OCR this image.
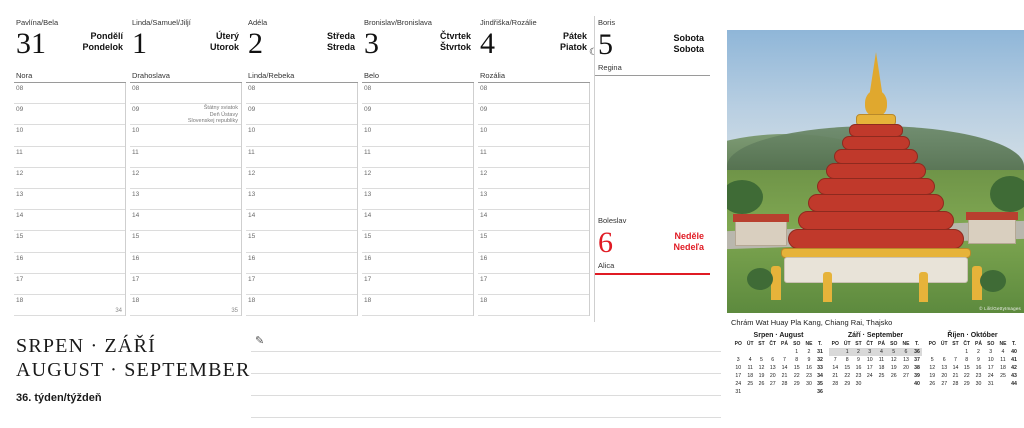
Pavlína/Bela
31	Pondělí
Pondelok
Nora
08
09
10
11
12
13
14
15
16
17
18
34
Linda/Samuel/Jiljí
1	Úterý
Utorok
Drahoslava
08
09	Štátny sviatok
Deň Ústavy
Slovenskej republiky
10
11
12
13
14
15
16
17
18
35
Adéla
2	Středa
Streda
Linda/Rebeka
08
09
10
11
12
13
14
15
16
17
18
Bronislav/Bronislava
3	Čtvrtek
Štvrtok
Belo
08
09
10
11
12
13
14
15
16
17
18
Jindřiška/Rozálie
4	Pátek
Piatok ☾
Rozália
08
09
10
11
12
13
14
15
16
17
18
Boris
5	Sobota
Sobota
Regina
Boleslav
6	Neděle
Nedeľa
Alica
SRPEN · ZÁŘÍ
AUGUST · SEPTEMBER
36. týden/týždeň
✎
© Lilit/GettyImages
Chrám Wat Huay Pla Kang, Chiang Rai, Thajsko
Srpen · August
PO	ÚT	ST	ČT	PÁ	SO	NE	T.
					1	2	31
3	4	5	6	7	8	9	32
10	11	12	13	14	15	16	33
17	18	19	20	21	22	23	34
24	25	26	27	28	29	30	35
31							36
Září · September
PO	ÚT	ST	ČT	PÁ	SO	NE	T.
	1	2	3	4	5	6	36
7	8	9	10	11	12	13	37
14	15	16	17	18	19	20	38
21	22	23	24	25	26	27	39
28	29	30					40
Říjen · Október
PO	ÚT	ST	ČT	PÁ	SO	NE	T.
			1	2	3	4	40
5	6	7	8	9	10	11	41
12	13	14	15	16	17	18	42
19	20	21	22	23	24	25	43
26	27	28	29	30	31		44
